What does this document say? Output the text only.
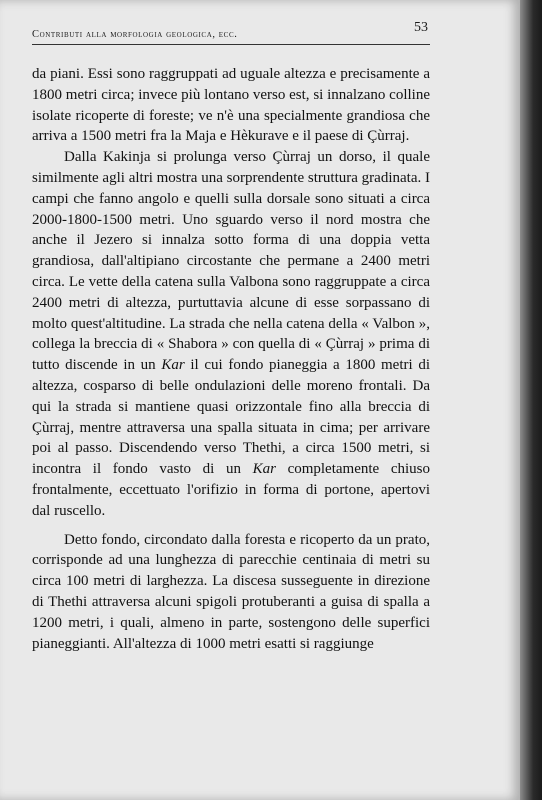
Contributi alla morfologia geologica, ecc.	53

da piani. Essi sono raggruppati ad uguale altezza e precisamente a 1800 metri circa; invece più lontano verso est, si innalzano colline isolate ricoperte di foreste; ve n'è una specialmente grandiosa che arriva a 1500 metri fra la Maja e Hèkurave e il paese di Çùrraj.

Dalla Kakinja si prolunga verso Çùrraj un dorso, il quale similmente agli altri mostra una sorprendente struttura gradinata. I campi che fanno angolo e quelli sulla dorsale sono situati a circa 2000-1800-1500 metri. Uno sguardo verso il nord mostra che anche il Jezero si innalza sotto forma di una doppia vetta grandiosa, dall'altipiano circostante che permane a 2400 metri circa. Le vette della catena sulla Valbona sono raggruppate a circa 2400 metri di altezza, purtuttavia alcune di esse sorpassano di molto quest'altitudine. La strada che nella catena della « Valbon », collega la breccia di « Shabora » con quella di « Çùrraj » prima di tutto discende in un Kar il cui fondo pianeggia a 1800 metri di altezza, cosparso di belle ondulazioni delle moreno frontali. Da qui la strada si mantiene quasi orizzontale fino alla breccia di Çùrraj, mentre attraversa una spalla situata in cima; per arrivare poi al passo. Discendendo verso Thethi, a circa 1500 metri, si incontra il fondo vasto di un Kar completamente chiuso frontalmente, eccettuato l'orifizio in forma di portone, apertovi dal ruscello.

Detto fondo, circondato dalla foresta e ricoperto da un prato, corrisponde ad una lunghezza di parecchie centinaia di metri su circa 100 metri di larghezza. La discesa susseguente in direzione di Thethi attraversa alcuni spigoli protuberanti a guisa di spalla a 1200 metri, i quali, almeno in parte, sostengono delle superfici pianeggianti. All'altezza di 1000 metri esatti si raggiunge
